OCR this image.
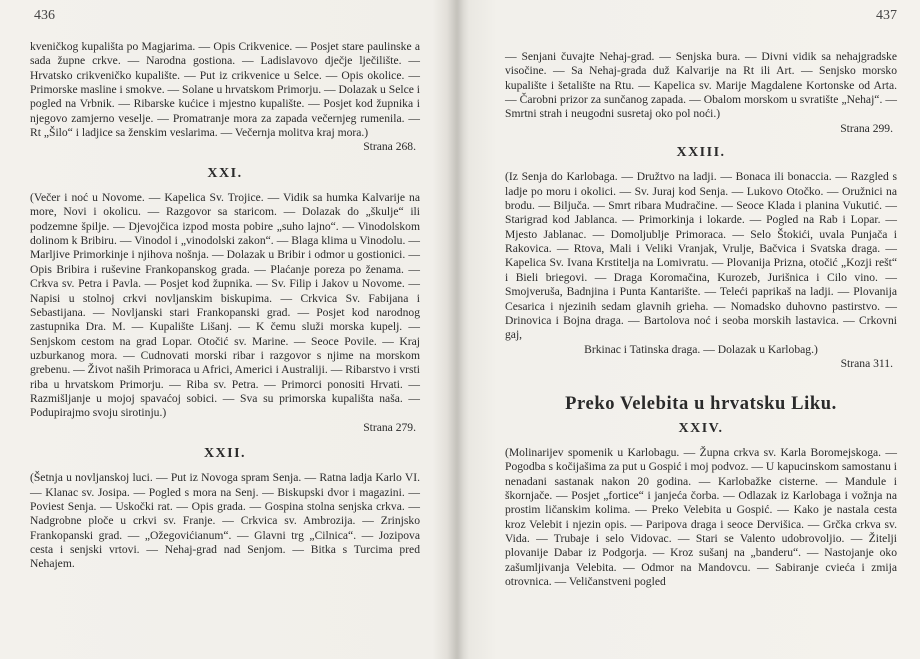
436

kveničkog kupališta po Magjarima. — Opis Crikvenice. — Posjet stare paulinske a sada župne crkve. — Narodna gostiona. — Ladislavovo dječje lječilište. — Hrvatsko crikveničko kupalište. — Put iz crikvenice u Selce. — Opis okolice. — Primorske masline i smokve. — Solane u hrvatskom Primorju. — Dolazak u Selce i pogled na Vrbnik. — Ribarske kućice i mjestno kupalište. — Posjet kod župnika i njegovo zamjerno veselje. — Promatranje mora za zapada večernjeg rumenila. — Rt „Šilo“ i ladjice sa ženskim veslarima. — Večernja molitva kraj mora.)

Strana 268.

XXI.

(Večer i noć u Novome. — Kapelica Sv. Trojice. — Vidik sa humka Kalvarije na more, Novi i okolicu. — Razgovor sa staricom. — Dolazak do „škulje“ ili podzemne špilje. — Djevojčica izpod mosta pobire „suho lajno“. — Vinodolskom dolinom k Bribiru. — Vinodol i „vinodolski zakon“. — Blaga klima u Vinodolu. — Marljive Primorkinje i njihova nošnja. — Dolazak u Bribir i odmor u gostionici. — Opis Bribira i ruševine Frankopanskog grada. — Plaćanje poreza po ženama. — Crkva sv. Petra i Pavla. — Posjet kod župnika. — Sv. Filip i Jakov u Novome. — Napisi u stolnoj crkvi novljanskim biskupima. — Crkvica Sv. Fabijana i Sebastijana. — Novljanski stari Frankopanski grad. — Posjet kod narodnog zastupnika Dra. M. — Kupalište Lišanj. — K čemu služi morska kupelj. — Senjskom cestom na grad Lopar. Otočić sv. Marine. — Seoce Povile. — Kraj uzburkanog mora. — Cudnovati morski ribar i razgovor s njime na morskom grebenu. — Život naših Primoraca u Africi, Americi i Australiji. — Ribarstvo i vrsti riba u hrvatskom Primorju. — Riba sv. Petra. — Primorci ponositi Hrvati. — Razmišljanje u mojoj spavaćoj sobici. — Sva su primorska kupališta naša. — Podupirajmo svoju sirotinju.)

Strana 279.

XXII.

(Šetnja u novljanskoj luci. — Put iz Novoga spram Senja. — Ratna ladja Karlo VI. — Klanac sv. Josipa. — Pogled s mora na Senj. — Biskupski dvor i magazini. — Poviest Senja. — Uskočki rat. — Opis grada. — Gospina stolna senjska crkva. — Nadgrobne ploče u crkvi sv. Franje. — Crkvica sv. Ambrozija. — Zrinjsko Frankopanski grad. — „Ožegovićianum“. — Glavni trg „Cilnica“. — Jozipova cesta i senjski vrtovi. — Nehaj-grad nad Senjom. — Bitka s Turcima pred Nehajem.

437

— Senjani čuvajte Nehaj-grad. — Senjska bura. — Divni vidik sa nehajgradske visočine. — Sa Nehaj-grada duž Kalvarije na Rt ili Art. — Senjsko morsko kupalište i šetalište na Rtu. — Kapelica sv. Marije Magdalene Kortonske od Arta. — Čarobni prizor za sunčanog zapada. — Obalom morskom u svratište „Nehaj“. — Smrtni strah i neugodni susretaj oko pol noći.)

Strana 299.

XXIII.

(Iz Senja do Karlobaga. — Družtvo na ladji. — Bonaca ili bonaccia. — Razgled s ladje po moru i okolici. — Sv. Juraj kod Senja. — Lukovo Otočko. — Oružnici na brodu. — Biljuča. — Smrt ribara Mudračine. — Seoce Klada i planina Vukutić. — Starigrad kod Jablanca. — Primorkinja i lokarde. — Pogled na Rab i Lopar. — Mjesto Jablanac. — Domoljublje Primoraca. — Selo Štokići, uvala Punjača i Rakovica. — Rtova, Mali i Veliki Vranjak, Vrulje, Bačvica i Svatska draga. — Kapelica Sv. Ivana Krstitelja na Lomivratu. — Plovanija Prizna, otočić „Kozji rešt“ i Bieli briegovi. — Draga Koromačina, Kurozeb, Jurišnica i Cilo vino. — Smojveruša, Badnjina i Punta Kantarište. — Teleći paprikaš na ladji. — Plovanija Cesarica i njezinih sedam glavnih grieha. — Nomadsko duhovno pastirstvo. — Drinovica i Bojna draga. — Bartolova noć i seoba morskih lastavica. — Crkovni gaj,

Brkinac i Tatinska draga. — Dolazak u Karlobag.)

Strana 311.

Preko Velebita u hrvatsku Liku.

XXIV.

(Molinarijev spomenik u Karlobagu. — Župna crkva sv. Karla Boromejskoga. — Pogodba s kočijašima za put u Gospić i moj podvoz. — U kapucinskom samostanu i nenadani sastanak nakon 20 godina. — Karlobažke cisterne. — Mandule i škornjače. — Posjet „fortice“ i janjeća čorba. — Odlazak iz Karlobaga i vožnja na prostim ličanskim kolima. — Preko Velebita u Gospić. — Kako je nastala cesta kroz Velebit i njezin opis. — Paripova draga i seoce Dervišica. — Grčka crkva sv. Vida. — Trubaje i selo Vidovac. — Stari se Valento udobrovoljio. — Žitelji plovanije Dabar iz Podgorja. — Kroz sušanj na „banderu“. — Nastojanje oko zašumljivanja Velebita. — Odmor na Mandovcu. — Sabiranje cvieća i zmija otrovnica. — Veličanstveni pogled
